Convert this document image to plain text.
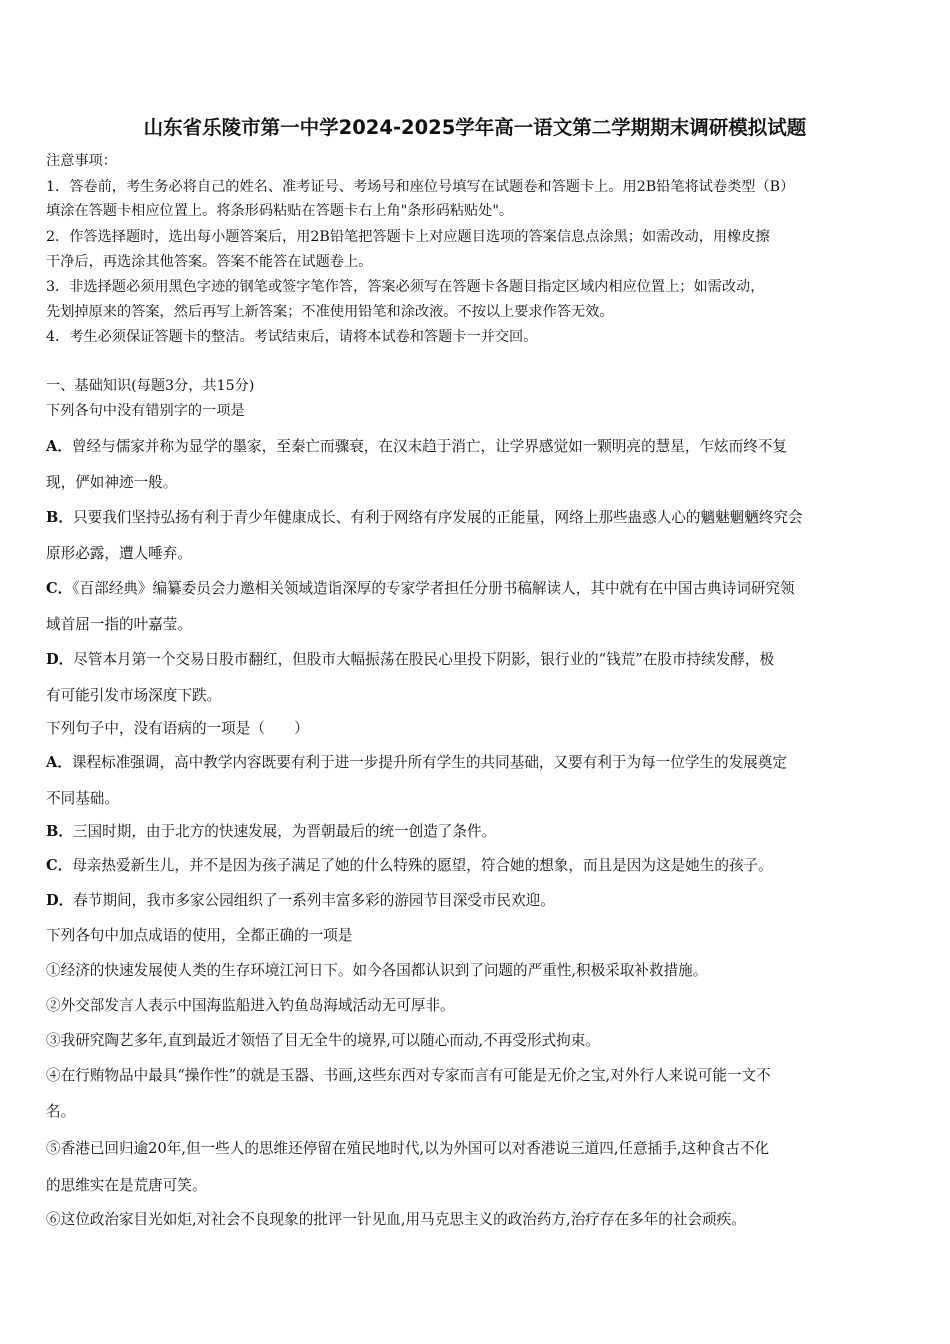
山东省乐陵市第一中学2024-2025学年高一语文第二学期期末调研模拟试题
注意事项：
1．答卷前，考生务必将自己的姓名、准考证号、考场号和座位号填写在试题卷和答题卡上。用2B铅笔将试卷类型（B）
填涂在答题卡相应位置上。将条形码粘贴在答题卡右上角"条形码粘贴处"。
2．作答选择题时，选出每小题答案后，用2B铅笔把答题卡上对应题目选项的答案信息点涂黑；如需改动，用橡皮擦
干净后，再选涂其他答案。答案不能答在试题卷上。
3．非选择题必须用黑色字迹的钢笔或签字笔作答，答案必须写在答题卡各题目指定区域内相应位置上；如需改动，
先划掉原来的答案，然后再写上新答案；不准使用铅笔和涂改液。不按以上要求作答无效。
4．考生必须保证答题卡的整洁。考试结束后，请将本试卷和答题卡一并交回。
一、基础知识(每题3分，共15分)
下列各句中没有错别字的一项是
A．曾经与儒家并称为显学的墨家，至秦亡而骤衰，在汉末趋于消亡，让学界感觉如一颗明亮的慧星，乍炫而终不复
现，俨如神迹一般。
B．只要我们坚持弘扬有利于青少年健康成长、有利于网络有序发展的正能量，网络上那些蛊惑人心的魑魅魍魉终究会
原形必露，遭人唾弃。
C．《百部经典》编纂委员会力邀相关领域造诣深厚的专家学者担任分册书稿解读人，其中就有在中国古典诗词研究领
域首屈一指的叶嘉莹。
D．尽管本月第一个交易日股市翻红，但股市大幅振荡在股民心里投下阴影，银行业的“钱荒”在股市持续发酵，极
有可能引发市场深度下跌。
下列句子中，没有语病的一项是（　　）
A．课程标准强调，高中教学内容既要有利于进一步提升所有学生的共同基础，又要有利于为每一位学生的发展奠定
不同基础。
B．三国时期，由于北方的快速发展，为晋朝最后的统一创造了条件。
C．母亲热爱新生儿，并不是因为孩子满足了她的什么特殊的愿望，符合她的想象，而且是因为这是她生的孩子。
D．春节期间，我市多家公园组织了一系列丰富多彩的游园节目深受市民欢迎。
下列各句中加点成语的使用，全都正确的一项是
①经济的快速发展使人类的生存环境江河日下。如今各国都认识到了问题的严重性,积极采取补救措施。
②外交部发言人表示中国海监船进入钓鱼岛海域活动无可厚非。
③我研究陶艺多年,直到最近才领悟了目无全牛的境界,可以随心而动,不再受形式拘束。
④在行贿物品中最具“操作性”的就是玉器、书画,这些东西对专家而言有可能是无价之宝,对外行人来说可能一文不
名。
⑤香港已回归逾20年,但一些人的思维还停留在殖民地时代,以为外国可以对香港说三道四,任意插手,这种食古不化
的思维实在是荒唐可笑。
⑥这位政治家目光如炬,对社会不良现象的批评一针见血,用马克思主义的政治药方,治疗存在多年的社会顽疾。
